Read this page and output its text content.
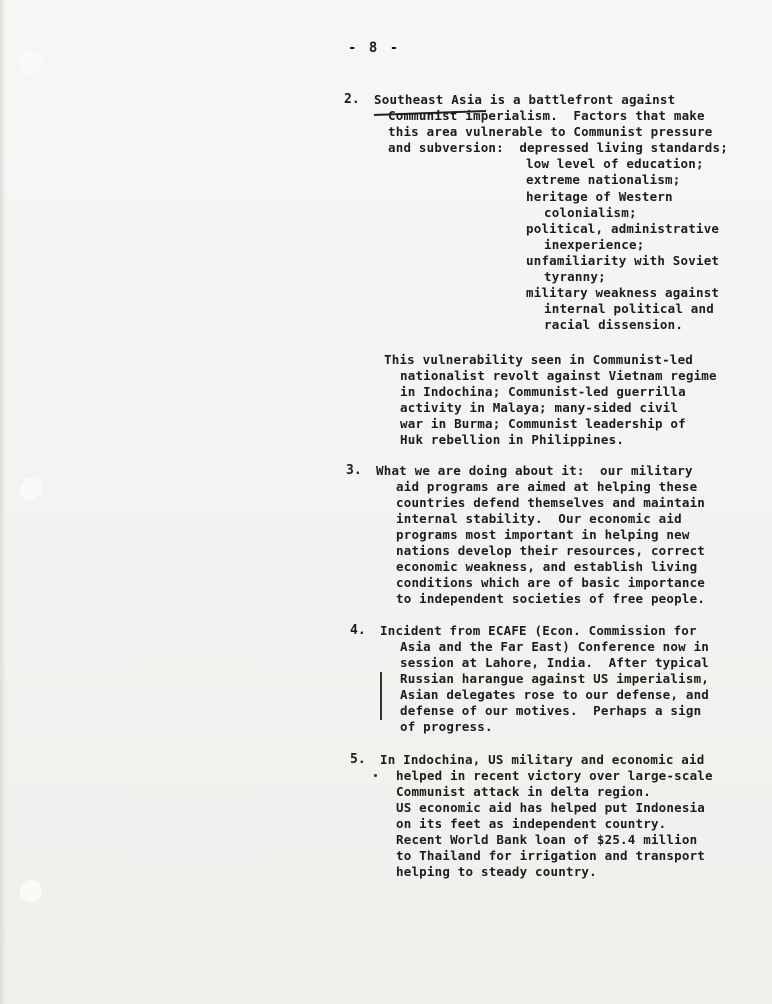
- 8 -
2. Southeast Asia is a battlefront against
Communist imperialism.  Factors that make
this area vulnerable to Communist pressure
and subversion:  depressed living standards;
low level of education;
extreme nationalism;
heritage of Western
colonialism;
political, administrative
inexperience;
unfamiliarity with Soviet
tyranny;
military weakness against
internal political and
racial dissension.
This vulnerability seen in Communist-led
nationalist revolt against Vietnam regime
in Indochina; Communist-led guerrilla
activity in Malaya; many-sided civil
war in Burma; Communist leadership of
Huk rebellion in Philippines.
3. What we are doing about it:  our military
aid programs are aimed at helping these
countries defend themselves and maintain
internal stability.  Our economic aid
programs most important in helping new
nations develop their resources, correct
economic weakness, and establish living
conditions which are of basic importance
to independent societies of free people.
4. Incident from ECAFE (Econ. Commission for
Asia and the Far East) Conference now in
session at Lahore, India.  After typical
Russian harangue against US imperialism,
Asian delegates rose to our defense, and
defense of our motives.  Perhaps a sign
of progress.
5. In Indochina, US military and economic aid
helped in recent victory over large-scale
Communist attack in delta region.
US economic aid has helped put Indonesia
on its feet as independent country.
Recent World Bank loan of $25.4 million
to Thailand for irrigation and transport
helping to steady country.
